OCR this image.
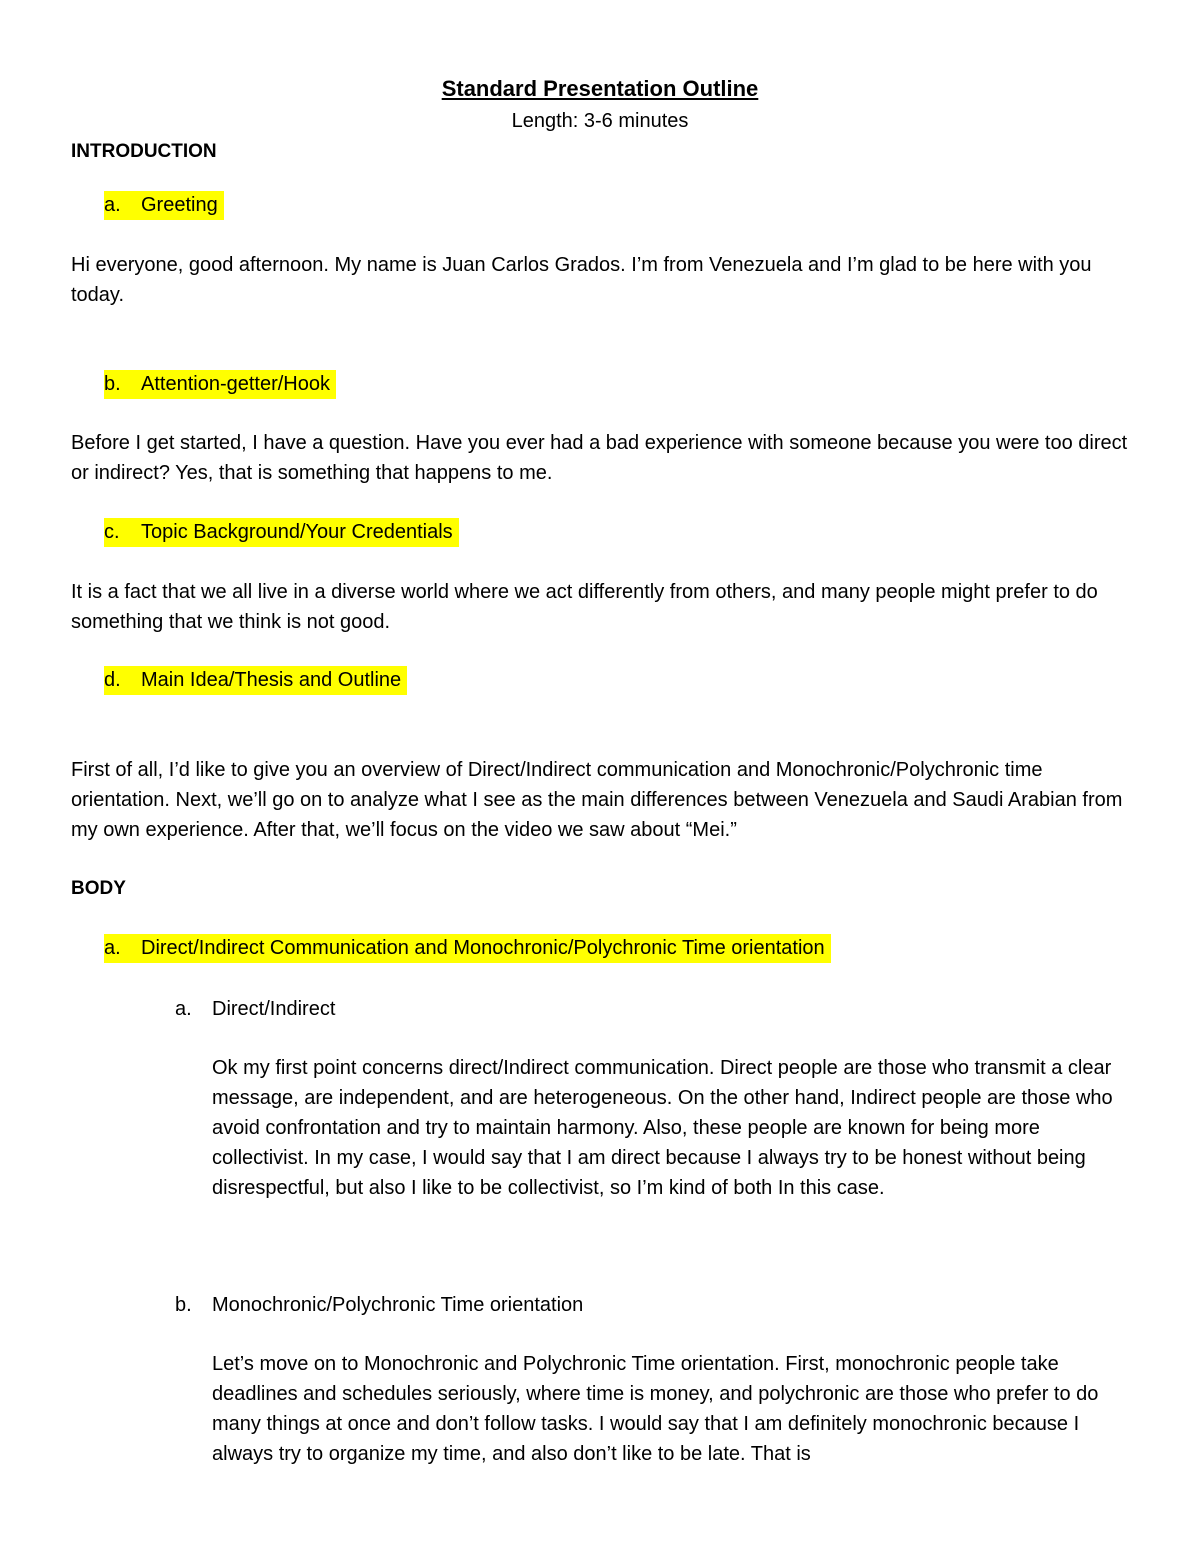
Standard Presentation Outline
Length: 3-6 minutes
INTRODUCTION
a. Greeting
Hi everyone, good afternoon. My name is Juan Carlos Grados. I’m from Venezuela and I’m glad to be here with you today.
b. Attention-getter/Hook
Before I get started, I have a question. Have you ever had a bad experience with someone because you were too direct or indirect? Yes, that is something that happens to me.
c. Topic Background/Your Credentials
It is a fact that we all live in a diverse world where we act differently from others, and many people might prefer to do something that we think is not good.
d. Main Idea/Thesis and Outline
First of all, I’d like to give you an overview of Direct/Indirect communication and Monochronic/Polychronic time orientation. Next, we’ll go on to analyze what I see as the main differences between Venezuela and Saudi Arabian from my own experience. After that, we’ll focus on the video we saw about “Mei.”
BODY
a. Direct/Indirect Communication and Monochronic/Polychronic Time orientation
a. Direct/Indirect
Ok my first point concerns direct/Indirect communication. Direct people are those who transmit a clear message, are independent, and are heterogeneous. On the other hand, Indirect people are those who avoid confrontation and try to maintain harmony. Also, these people are known for being more collectivist. In my case, I would say that I am direct because I always try to be honest without being disrespectful, but also I like to be collectivist, so I’m kind of both In this case.
b. Monochronic/Polychronic Time orientation
Let’s move on to Monochronic and Polychronic Time orientation. First, monochronic people take deadlines and schedules seriously, where time is money, and polychronic are those who prefer to do many things at once and don’t follow tasks. I would say that I am definitely monochronic because I always try to organize my time, and also don’t like to be late. That is
